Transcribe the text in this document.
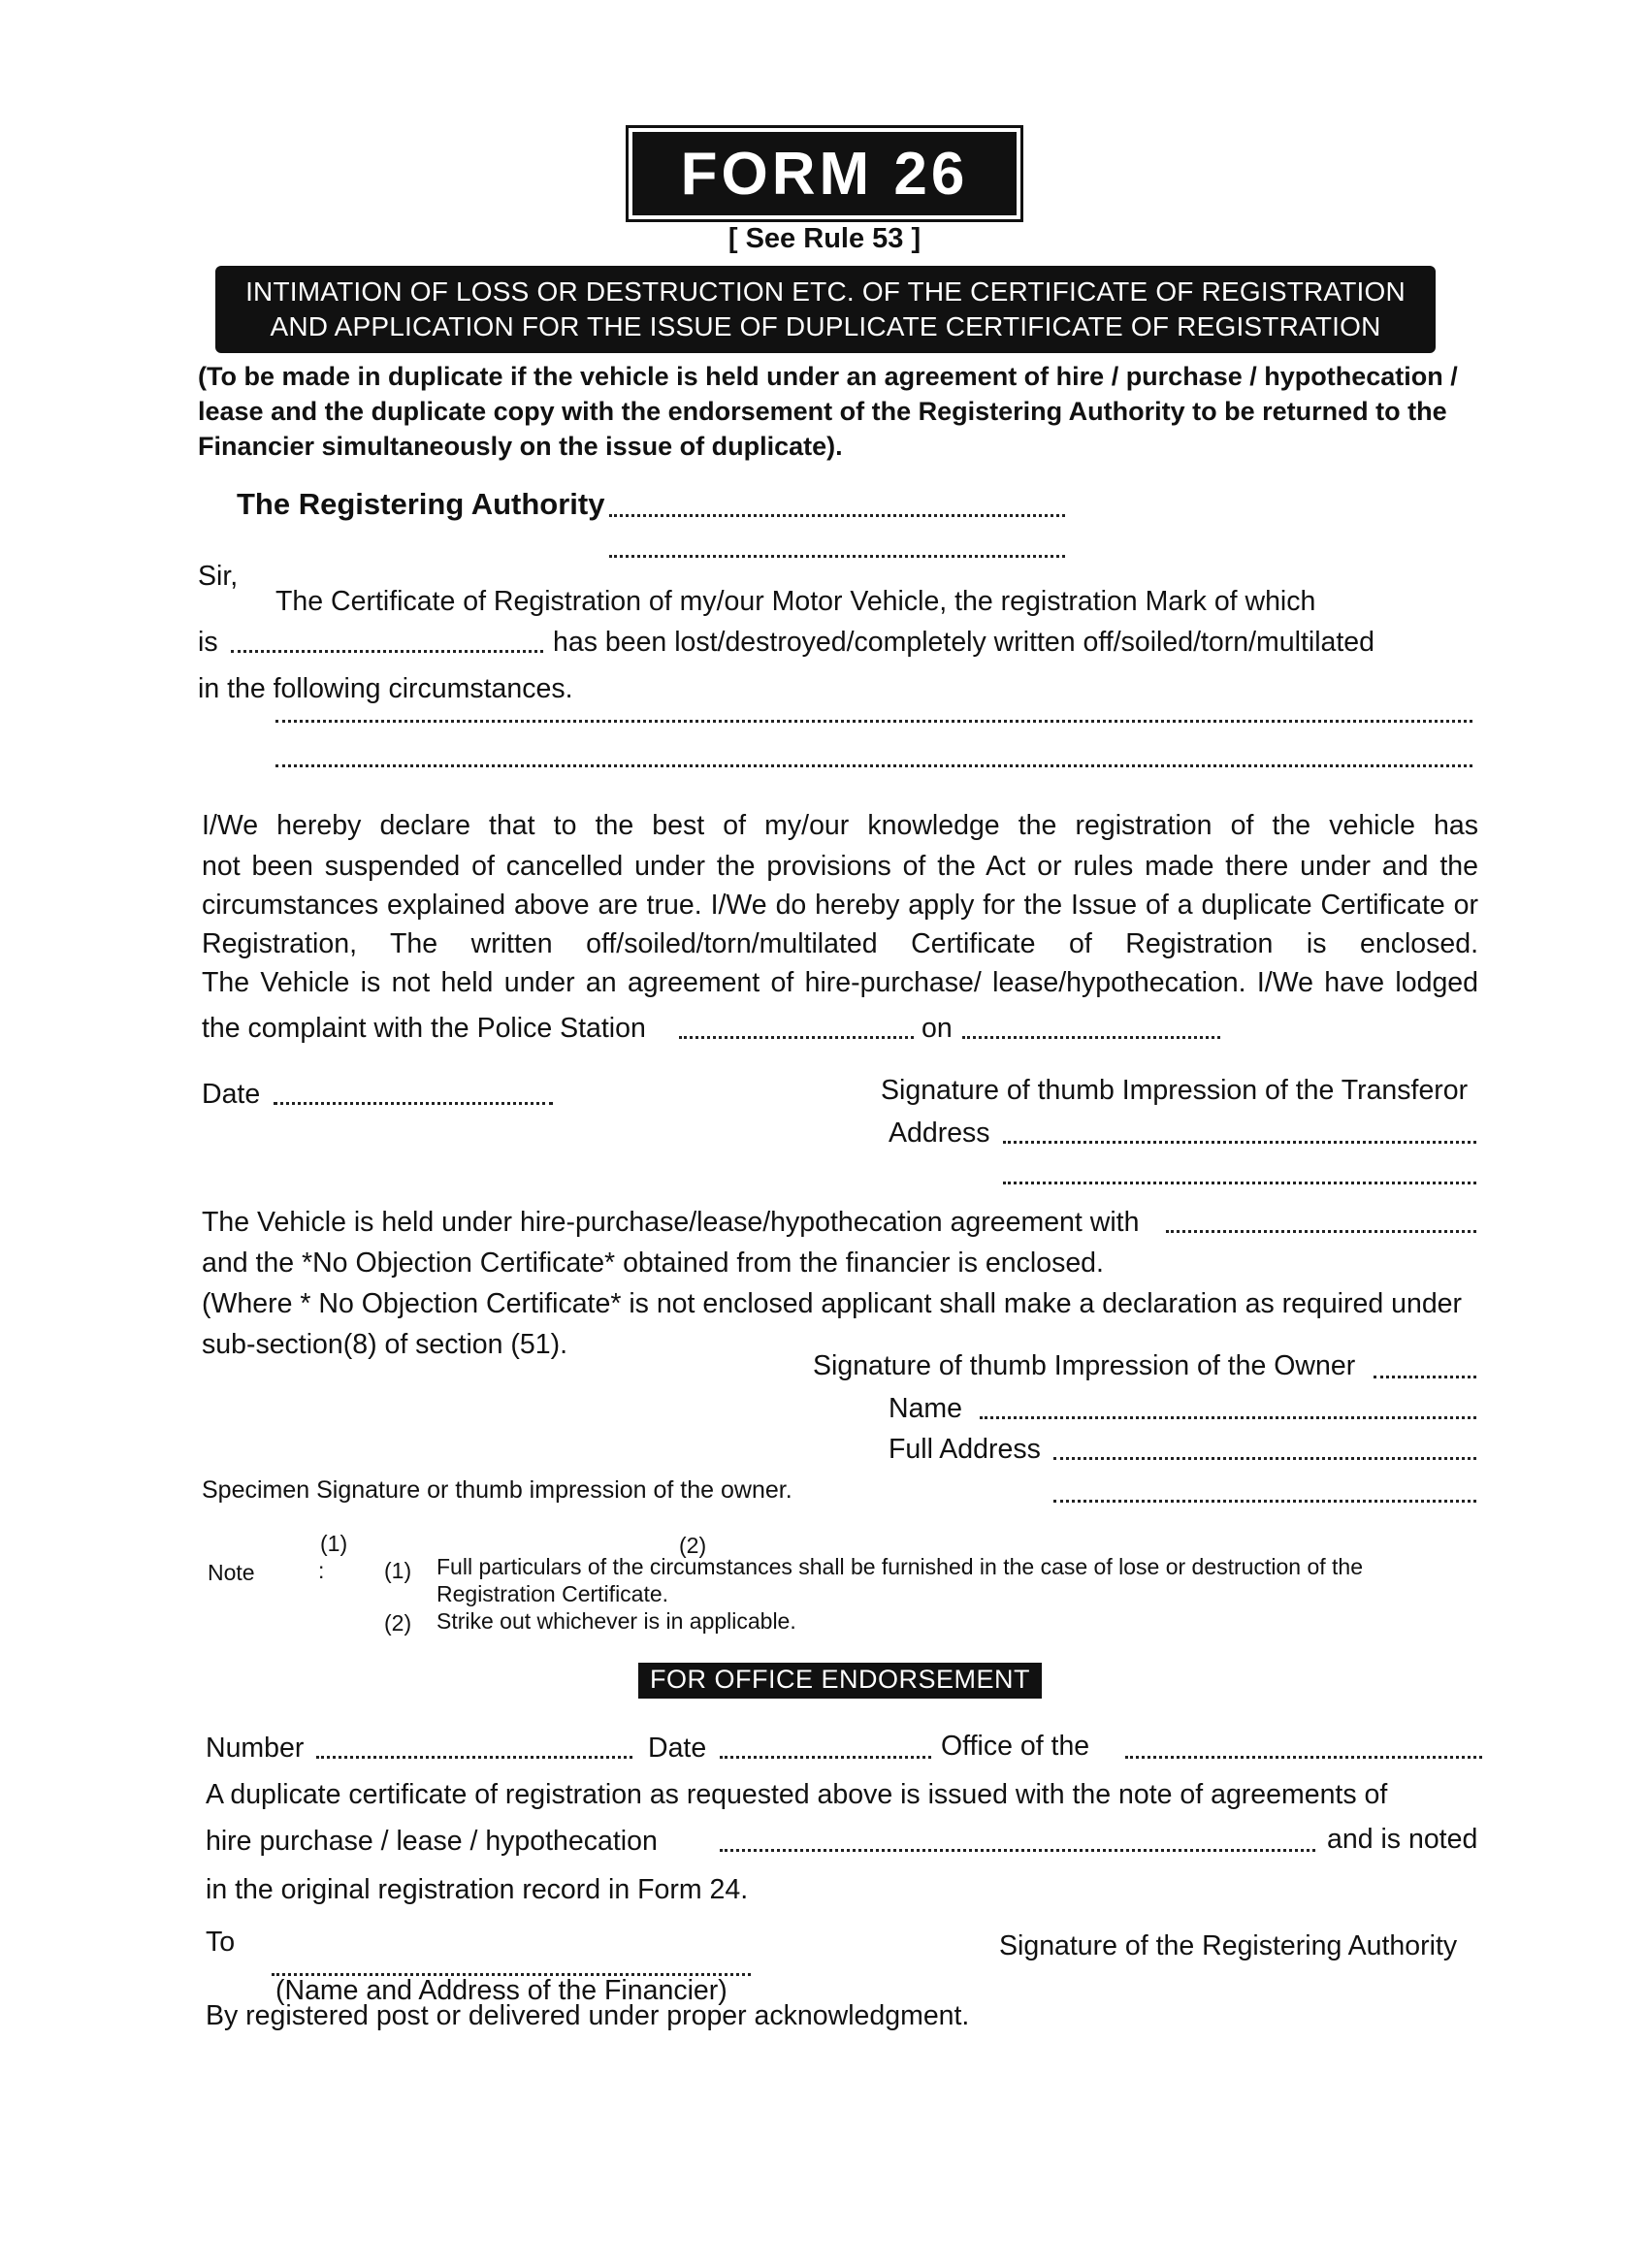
FORM 26
[ See Rule 53 ]
INTIMATION OF LOSS OR DESTRUCTION ETC. OF THE CERTIFICATE OF REGISTRATION
AND APPLICATION FOR THE ISSUE OF DUPLICATE CERTIFICATE OF REGISTRATION
(To be made in duplicate if the vehicle is held under an agreement of hire / purchase / hypothecation /
lease and the duplicate copy with the endorsement of the Registering Authority to be returned to the
Financier simultaneously on the issue of duplicate).
The Registering Authority
Sir,
The Certificate of Registration of my/our Motor Vehicle, the registration Mark of which
is	has been lost/destroyed/completely written off/soiled/torn/multilated
in the following circumstances.
I/We hereby declare that to the best of my/our knowledge the registration of the vehicle has
not been suspended of cancelled under the provisions of the Act or rules made there under and the
circumstances explained above are true. I/We do hereby apply for the Issue of a duplicate Certificate or
Registration, The written off/soiled/torn/multilated Certificate of Registration is enclosed.
The Vehicle is not held under an agreement of hire-purchase/ lease/hypothecation. I/We have lodged
the complaint with the Police Station	on
Date	Signature of thumb Impression of the Transferor
Address
The Vehicle is held under hire-purchase/lease/hypothecation agreement with
and the *No Objection Certificate* obtained from the financier is enclosed.
(Where * No Objection Certificate* is not enclosed applicant shall make a declaration as required under
sub-section(8) of section (51).
Signature of thumb Impression of the Owner
Name
Full Address
Specimen Signature or thumb impression of the owner.
(1)	(2)
Note	:	(1) Full particulars of the circumstances shall be furnished in the case of lose or destruction of the
Registration Certificate.
(2) Strike out whichever is in applicable.
FOR OFFICE ENDORSEMENT
Number	Date	Office of the
A duplicate certificate of registration as requested above is issued with the note of agreements of
hire purchase / lease / hypothecation	and is noted
in the original registration record in Form 24.
To	Signature of the Registering Authority
(Name and Address of the Financier)
By registered post or delivered under proper acknowledgment.
